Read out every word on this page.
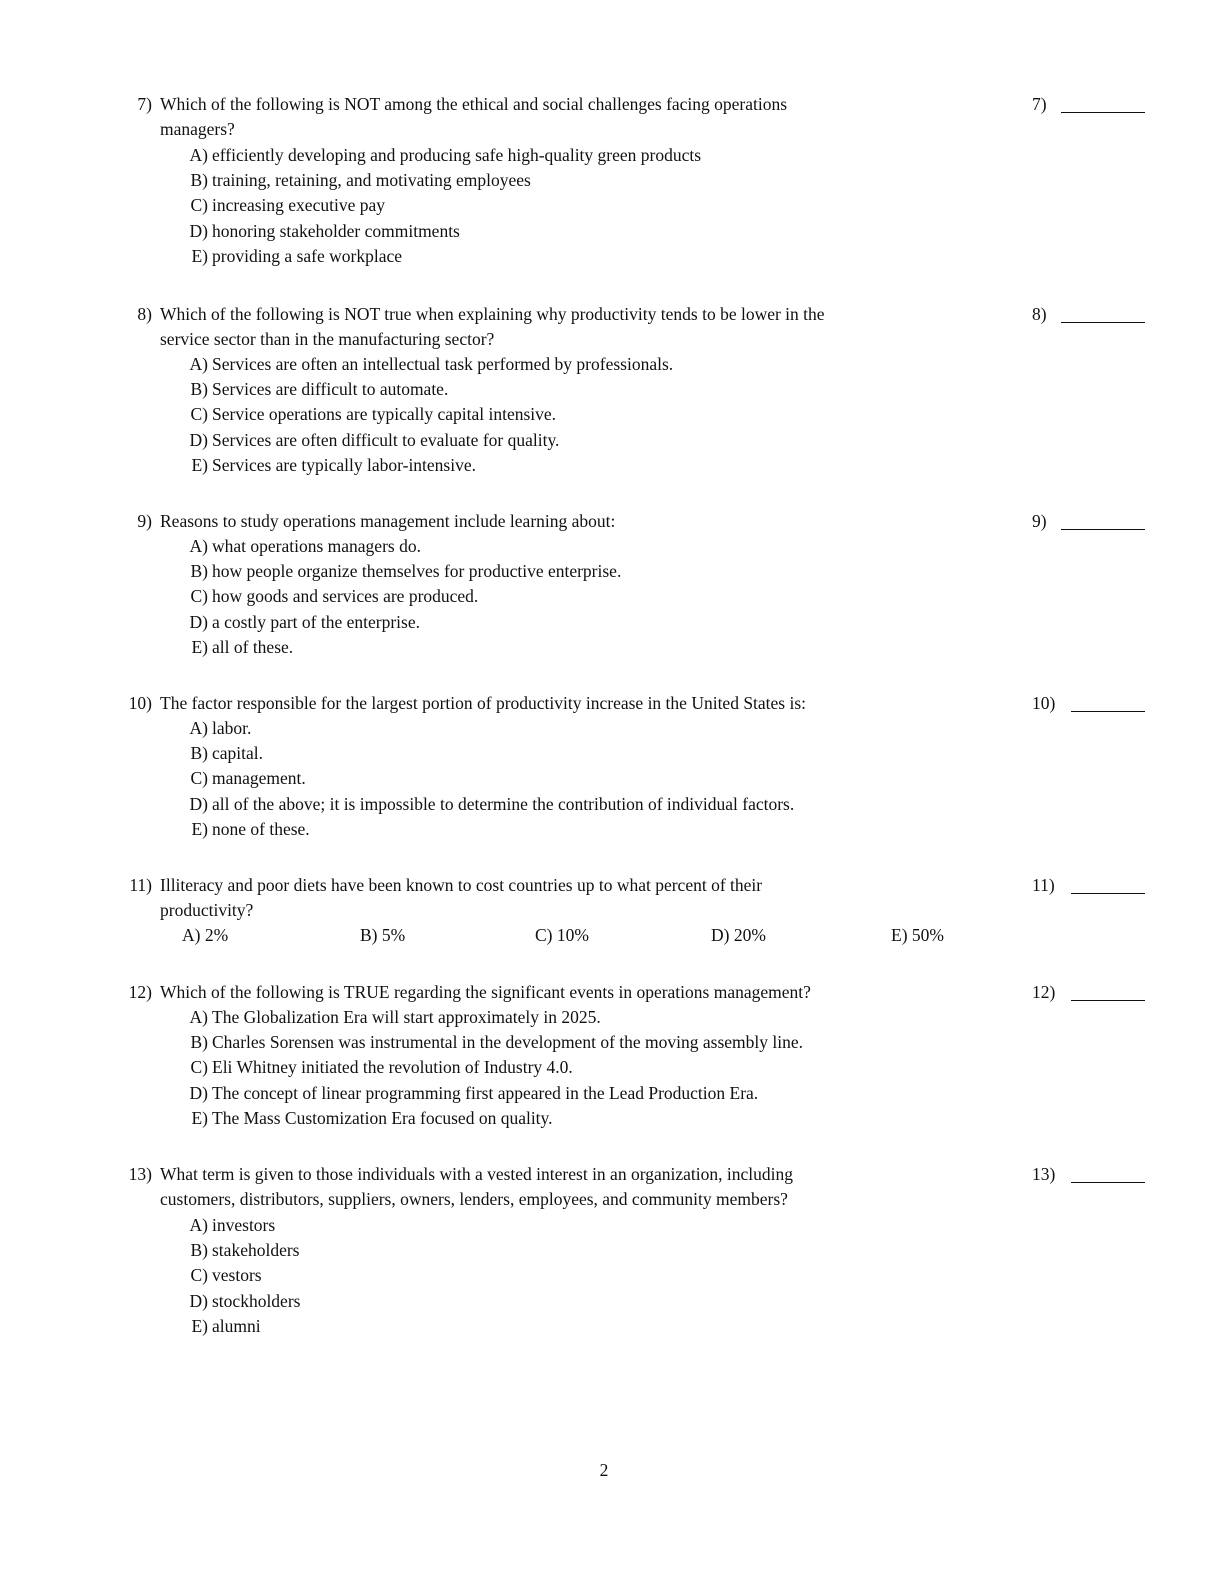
7) Which of the following is NOT among the ethical and social challenges facing operations
managers?
A) efficiently developing and producing safe high-quality green products
B) training, retaining, and motivating employees
C) increasing executive pay
D) honoring stakeholder commitments
E) providing a safe workplace
7)
8) Which of the following is NOT true when explaining why productivity tends to be lower in the
service sector than in the manufacturing sector?
A) Services are often an intellectual task performed by professionals.
B) Services are difficult to automate.
C) Service operations are typically capital intensive.
D) Services are often difficult to evaluate for quality.
E) Services are typically labor-intensive.
8)
9) Reasons to study operations management include learning about:
A) what operations managers do.
B) how people organize themselves for productive enterprise.
C) how goods and services are produced.
D) a costly part of the enterprise.
E) all of these.
9)
10) The factor responsible for the largest portion of productivity increase in the United States is:
A) labor.
B) capital.
C) management.
D) all of the above; it is impossible to determine the contribution of individual factors.
E) none of these.
10)
11) Illiteracy and poor diets have been known to cost countries up to what percent of their
productivity?
A) 2%	B) 5%	C) 10%	D) 20%	E) 50%
11)
12) Which of the following is TRUE regarding the significant events in operations management?
A) The Globalization Era will start approximately in 2025.
B) Charles Sorensen was instrumental in the development of the moving assembly line.
C) Eli Whitney initiated the revolution of Industry 4.0.
D) The concept of linear programming first appeared in the Lead Production Era.
E) The Mass Customization Era focused on quality.
12)
13) What term is given to those individuals with a vested interest in an organization, including
customers, distributors, suppliers, owners, lenders, employees, and community members?
A) investors
B) stakeholders
C) vestors
D) stockholders
E) alumni
13)
2
